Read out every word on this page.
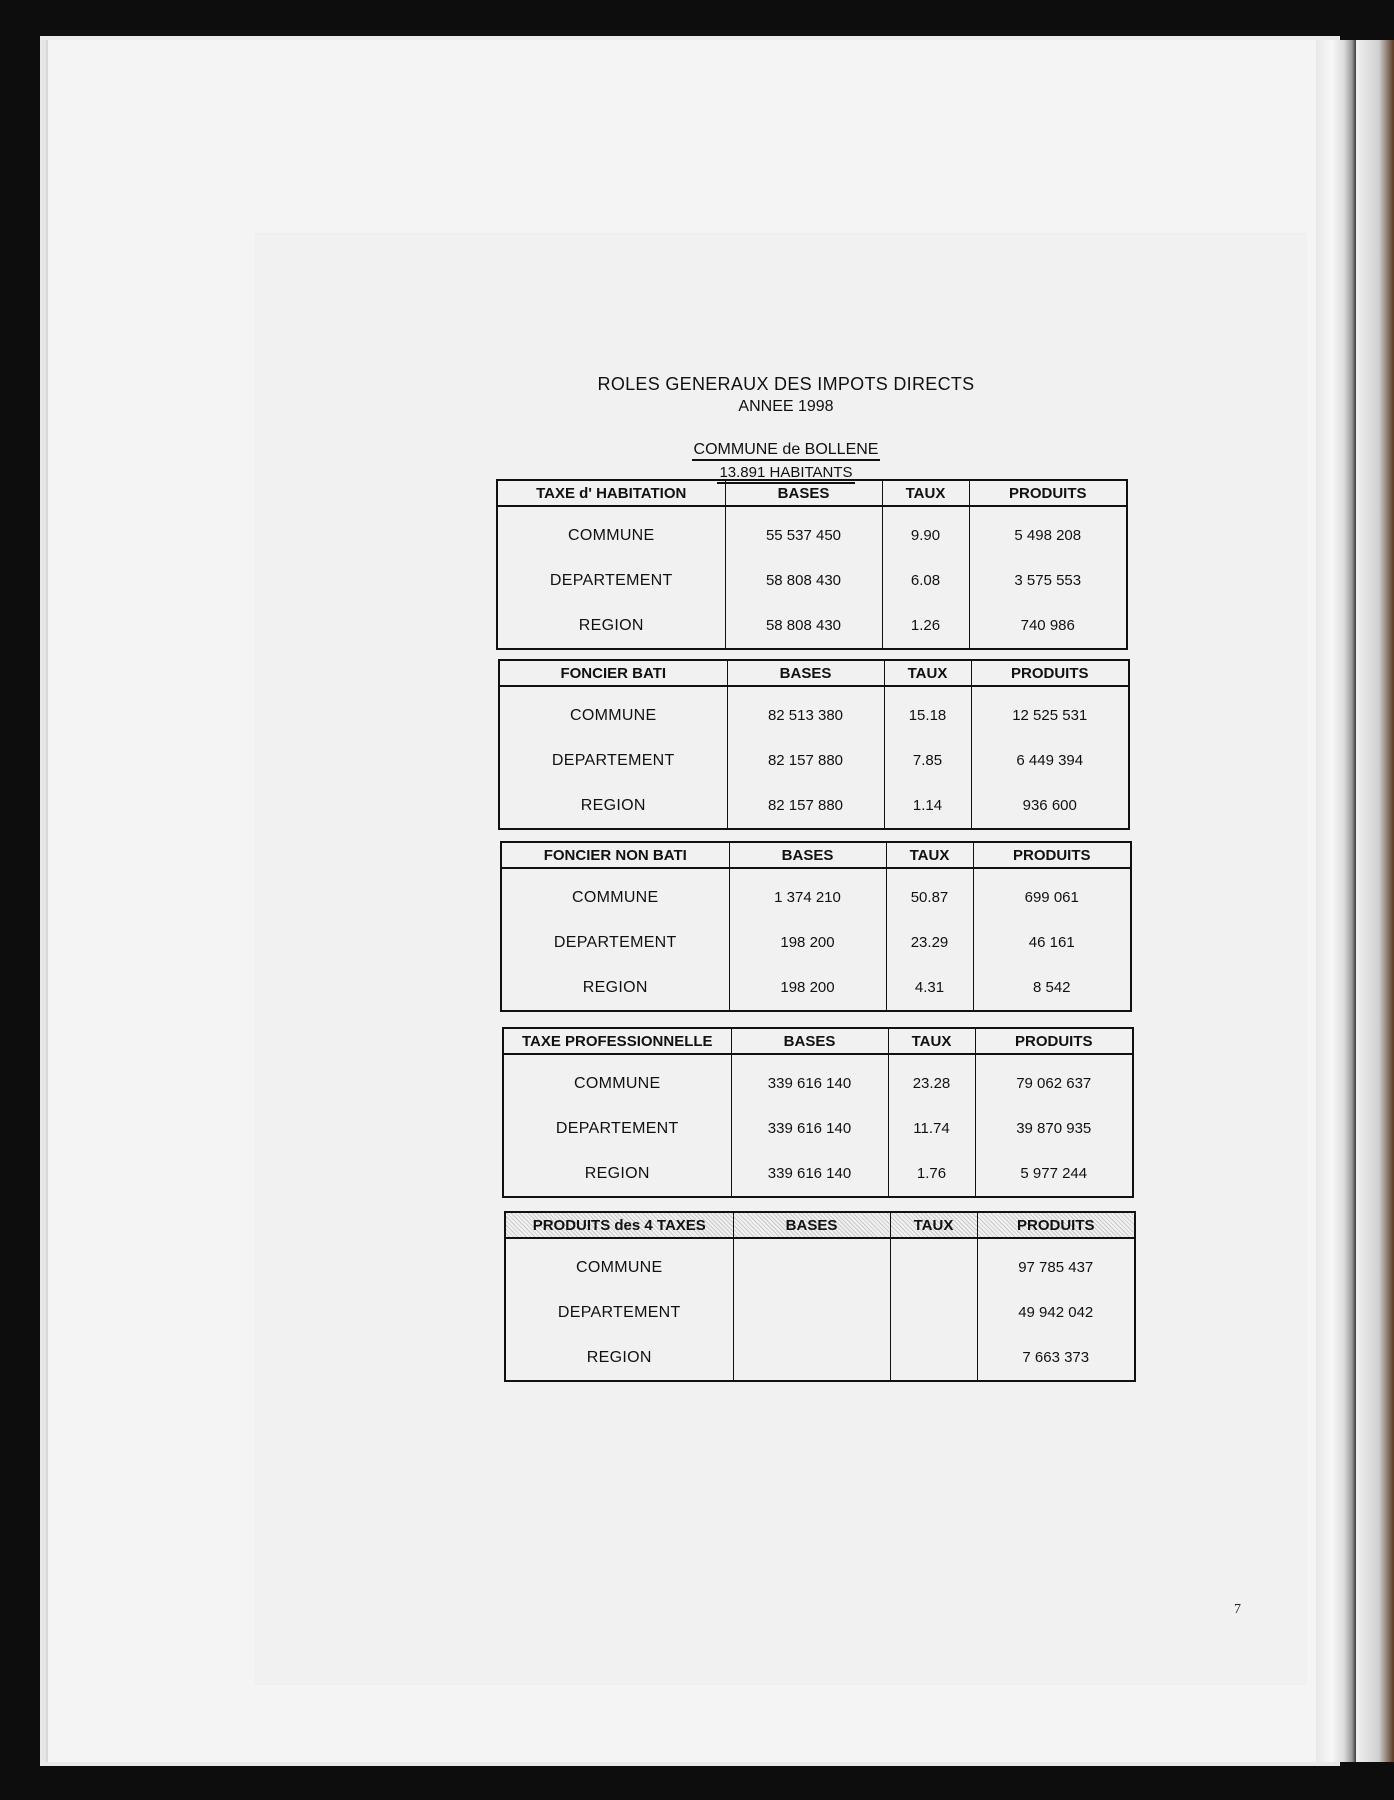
ROLES GENERAUX DES IMPOTS DIRECTS
ANNEE 1998
COMMUNE de BOLLENE
13.891 HABITANTS
TAXE d' HABITATION	BASES	TAUX	PRODUITS
COMMUNE	55 537 450	9.90	5 498 208
DEPARTEMENT	58 808 430	6.08	3 575 553
REGION	58 808 430	1.26	740 986
FONCIER BATI	BASES	TAUX	PRODUITS
COMMUNE	82 513 380	15.18	12 525 531
DEPARTEMENT	82 157 880	7.85	6 449 394
REGION	82 157 880	1.14	936 600
FONCIER NON BATI	BASES	TAUX	PRODUITS
COMMUNE	1 374 210	50.87	699 061
DEPARTEMENT	198 200	23.29	46 161
REGION	198 200	4.31	8 542
TAXE PROFESSIONNELLE	BASES	TAUX	PRODUITS
COMMUNE	339 616 140	23.28	79 062 637
DEPARTEMENT	339 616 140	11.74	39 870 935
REGION	339 616 140	1.76	5 977 244
PRODUITS des 4 TAXES	BASES	TAUX	PRODUITS
COMMUNE			97 785 437
DEPARTEMENT			49 942 042
REGION			7 663 373
7
